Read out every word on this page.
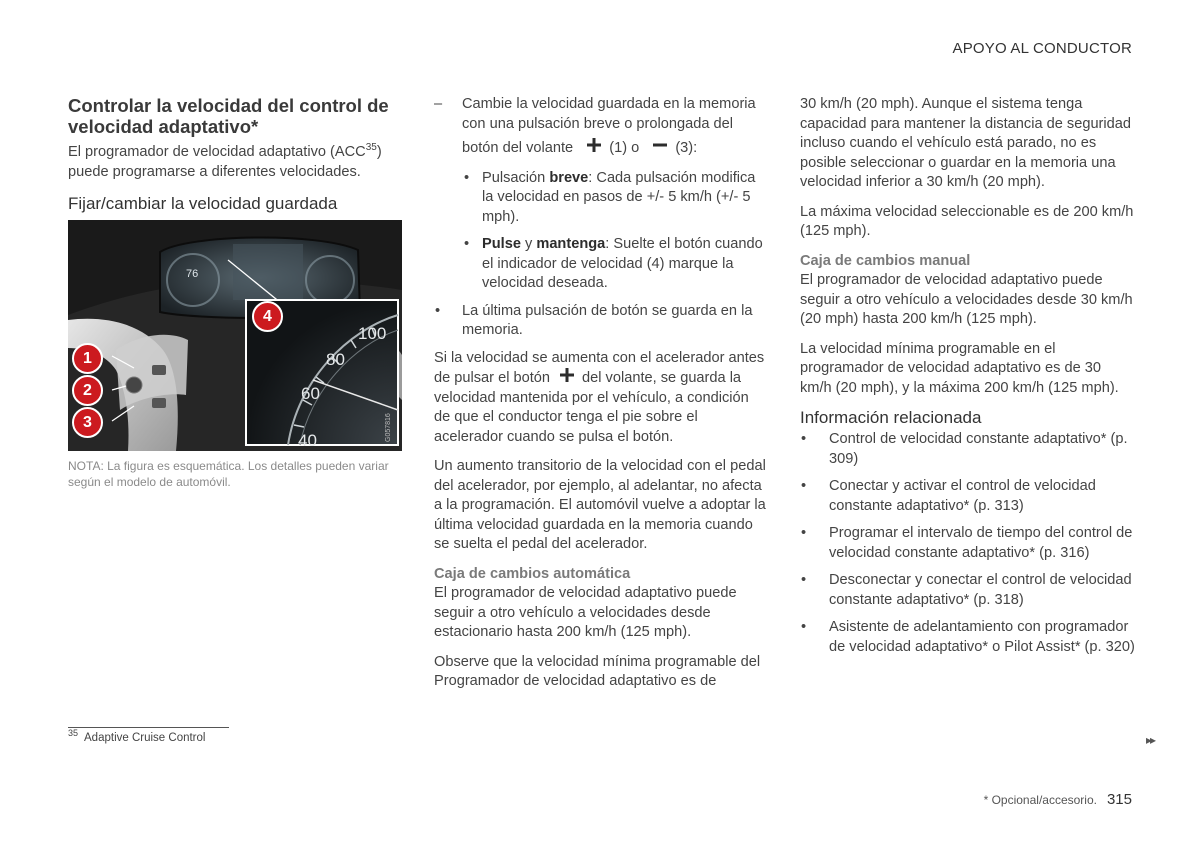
APOYO AL CONDUCTOR
Controlar la velocidad del control de velocidad adaptativo*

El programador de velocidad adaptativo (ACC$^{35}$) puede programarse a diferentes velocidades.

Fijar/cambiar la velocidad guardada
76
100
80
60
40	G057816
1
2
3
4
NOTA: La figura es esquemática. Los detalles pueden variar según el modelo de automóvil.
– Cambie la velocidad guardada en la memoria con una pulsación breve o prolongada del
botón del volante (1) o (3):
• Pulsación breve: Cada pulsación modifica la velocidad en pasos de +/- 5 km/h (+/- 5 mph).
• Pulse y mantenga: Suelte el botón cuando el indicador de velocidad (4) marque la velocidad deseada.
• La última pulsación de botón se guarda en la memoria.

Si la velocidad se aumenta con el acelerador antes de pulsar el botón del volante, se guarda la velocidad mantenida por el vehículo, a condición de que el conductor tenga el pie sobre el acelerador cuando se pulsa el botón.

Un aumento transitorio de la velocidad con el pedal del acelerador, por ejemplo, al adelantar, no afecta a la programación. El automóvil vuelve a adoptar la última velocidad guardada en la memoria cuando se suelta el pedal del acelerador.

Caja de cambios automática

El programador de velocidad adaptativo puede seguir a otro vehículo a velocidades desde estacionario hasta 200 km/h (125 mph).

Observe que la velocidad mínima programable del Programador de velocidad adaptativo es de

30 km/h (20 mph). Aunque el sistema tenga capacidad para mantener la distancia de seguridad incluso cuando el vehículo está parado, no es posible seleccionar o guardar en la memoria una velocidad inferior a 30 km/h (20 mph).

La máxima velocidad seleccionable es de 200 km/h (125 mph).

Caja de cambios manual

El programador de velocidad adaptativo puede seguir a otro vehículo a velocidades desde 30 km/h (20 mph) hasta 200 km/h (125 mph).

La velocidad mínima programable en el programador de velocidad adaptativo es de 30 km/h (20 mph), y la máxima 200 km/h (125 mph).

Información relacionada
• Control de velocidad constante adaptativo* (p. 309)
• Conectar y activar el control de velocidad constante adaptativo* (p. 313)
• Programar el intervalo de tiempo del control de velocidad constante adaptativo* (p. 316)
• Desconectar y conectar el control de velocidad constante adaptativo* (p. 318)
• Asistente de adelantamiento con programador de velocidad adaptativo* o Pilot Assist* (p. 320)
$^{35}$ Adaptive Cruise Control	▸▸
* Opcional/accesorio. 315
